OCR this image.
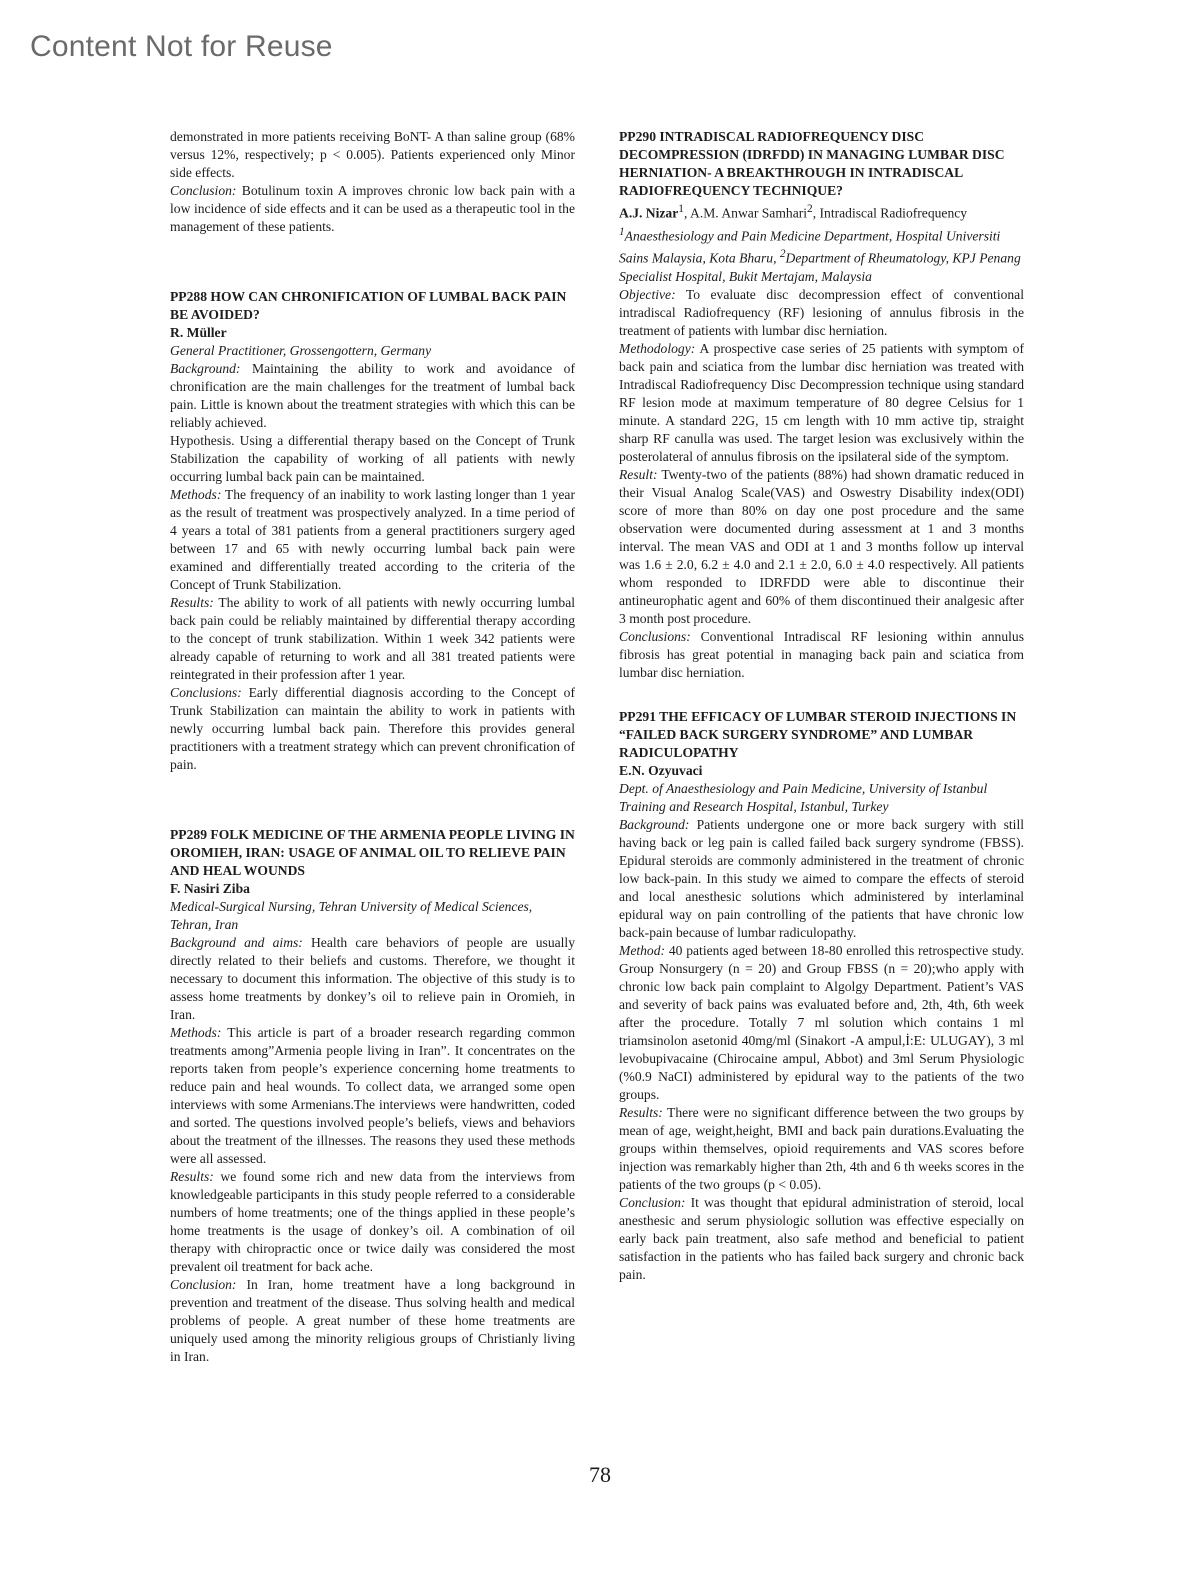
Content Not for Reuse

demonstrated in more patients receiving BoNT- A than saline group (68% versus 12%, respectively; p < 0.005). Patients experienced only Minor side effects.

Conclusion: Botulinum toxin A improves chronic low back pain with a low incidence of side effects and it can be used as a therapeutic tool in the management of these patients.

PP288 HOW CAN CHRONIFICATION OF LUMBAL BACK PAIN BE AVOIDED?

R. Müller

General Practitioner, Grossengottern, Germany

Background: Maintaining the ability to work and avoidance of chronification are the main challenges for the treatment of lumbal back pain. Little is known about the treatment strategies with which this can be reliably achieved.

Hypothesis. Using a differential therapy based on the Concept of Trunk Stabilization the capability of working of all patients with newly occurring lumbal back pain can be maintained.

Methods: The frequency of an inability to work lasting longer than 1 year as the result of treatment was prospectively analyzed. In a time period of 4 years a total of 381 patients from a general practitioners surgery aged between 17 and 65 with newly occurring lumbal back pain were examined and differentially treated according to the criteria of the Concept of Trunk Stabilization.

Results: The ability to work of all patients with newly occurring lumbal back pain could be reliably maintained by differential therapy according to the concept of trunk stabilization. Within 1 week 342 patients were already capable of returning to work and all 381 treated patients were reintegrated in their profession after 1 year.

Conclusions: Early differential diagnosis according to the Concept of Trunk Stabilization can maintain the ability to work in patients with newly occurring lumbal back pain. Therefore this provides general practitioners with a treatment strategy which can prevent chronification of pain.

PP289 FOLK MEDICINE OF THE ARMENIA PEOPLE LIVING IN OROMIEH, IRAN: USAGE OF ANIMAL OIL TO RELIEVE PAIN AND HEAL WOUNDS

F. Nasiri Ziba

Medical-Surgical Nursing, Tehran University of Medical Sciences, Tehran, Iran

Background and aims: Health care behaviors of people are usually directly related to their beliefs and customs. Therefore, we thought it necessary to document this information. The objective of this study is to assess home treatments by donkey’s oil to relieve pain in Oromieh, in Iran.

Methods: This article is part of a broader research regarding common treatments among”Armenia people living in Iran”. It concentrates on the reports taken from people’s experience concerning home treatments to reduce pain and heal wounds. To collect data, we arranged some open interviews with some Armenians.The interviews were handwritten, coded and sorted. The questions involved people’s beliefs, views and behaviors about the treatment of the illnesses. The reasons they used these methods were all assessed.

Results: we found some rich and new data from the interviews from knowledgeable participants in this study people referred to a considerable numbers of home treatments; one of the things applied in these people’s home treatments is the usage of donkey’s oil. A combination of oil therapy with chiropractic once or twice daily was considered the most prevalent oil treatment for back ache.

Conclusion: In Iran, home treatment have a long background in prevention and treatment of the disease. Thus solving health and medical problems of people. A great number of these home treatments are uniquely used among the minority religious groups of Christianly living in Iran.

PP290 INTRADISCAL RADIOFREQUENCY DISC DECOMPRESSION (IDRFDD) IN MANAGING LUMBAR DISC HERNIATION- A BREAKTHROUGH IN INTRADISCAL RADIOFREQUENCY TECHNIQUE?

A.J. Nizar$^1$, A.M. Anwar Samhari$^2$, Intradiscal Radiofrequency

$^1$Anaesthesiology and Pain Medicine Department, Hospital Universiti Sains Malaysia, Kota Bharu, $^2$Department of Rheumatology, KPJ Penang Specialist Hospital, Bukit Mertajam, Malaysia

Objective: To evaluate disc decompression effect of conventional intradiscal Radiofrequency (RF) lesioning of annulus fibrosis in the treatment of patients with lumbar disc herniation.

Methodology: A prospective case series of 25 patients with symptom of back pain and sciatica from the lumbar disc herniation was treated with Intradiscal Radiofrequency Disc Decompression technique using standard RF lesion mode at maximum temperature of 80 degree Celsius for 1 minute. A standard 22G, 15 cm length with 10 mm active tip, straight sharp RF canulla was used. The target lesion was exclusively within the posterolateral of annulus fibrosis on the ipsilateral side of the symptom.

Result: Twenty-two of the patients (88%) had shown dramatic reduced in their Visual Analog Scale(VAS) and Oswestry Disability index(ODI) score of more than 80% on day one post procedure and the same observation were documented during assessment at 1 and 3 months interval. The mean VAS and ODI at 1 and 3 months follow up interval was 1.6 ± 2.0, 6.2 ± 4.0 and 2.1 ± 2.0, 6.0 ± 4.0 respectively. All patients whom responded to IDRFDD were able to discontinue their antineurophatic agent and 60% of them discontinued their analgesic after 3 month post procedure.

Conclusions: Conventional Intradiscal RF lesioning within annulus fibrosis has great potential in managing back pain and sciatica from lumbar disc herniation.

PP291 THE EFFICACY OF LUMBAR STEROID INJECTIONS IN “FAILED BACK SURGERY SYNDROME” AND LUMBAR RADICULOPATHY

E.N. Ozyuvaci

Dept. of Anaesthesiology and Pain Medicine, University of Istanbul Training and Research Hospital, Istanbul, Turkey

Background: Patients undergone one or more back surgery with still having back or leg pain is called failed back surgery syndrome (FBSS). Epidural steroids are commonly administered in the treatment of chronic low back-pain. In this study we aimed to compare the effects of steroid and local anesthesic solutions which administered by interlaminal epidural way on pain controlling of the patients that have chronic low back-pain because of lumbar radiculopathy.

Method: 40 patients aged between 18-80 enrolled this retrospective study. Group Nonsurgery (n = 20) and Group FBSS (n = 20);who apply with chronic low back pain complaint to Algolgy Department. Patient’s VAS and severity of back pains was evaluated before and, 2th, 4th, 6th week after the procedure. Totally 7 ml solution which contains 1 ml triamsinolon asetonid 40mg/ml (Sinakort -A ampul,İ:E: ULUGAY), 3 ml levobupivacaine (Chirocaine ampul, Abbot) and 3ml Serum Physiologic (%0.9 NaCI) administered by epidural way to the patients of the two groups.

Results: There were no significant difference between the two groups by mean of age, weight,height, BMI and back pain durations.Evaluating the groups within themselves, opioid requirements and VAS scores before injection was remarkably higher than 2th, 4th and 6 th weeks scores in the patients of the two groups (p < 0.05).

Conclusion: It was thought that epidural administration of steroid, local anesthesic and serum physiologic sollution was effective especially on early back pain treatment, also safe method and beneficial to patient satisfaction in the patients who has failed back surgery and chronic back pain.

78
